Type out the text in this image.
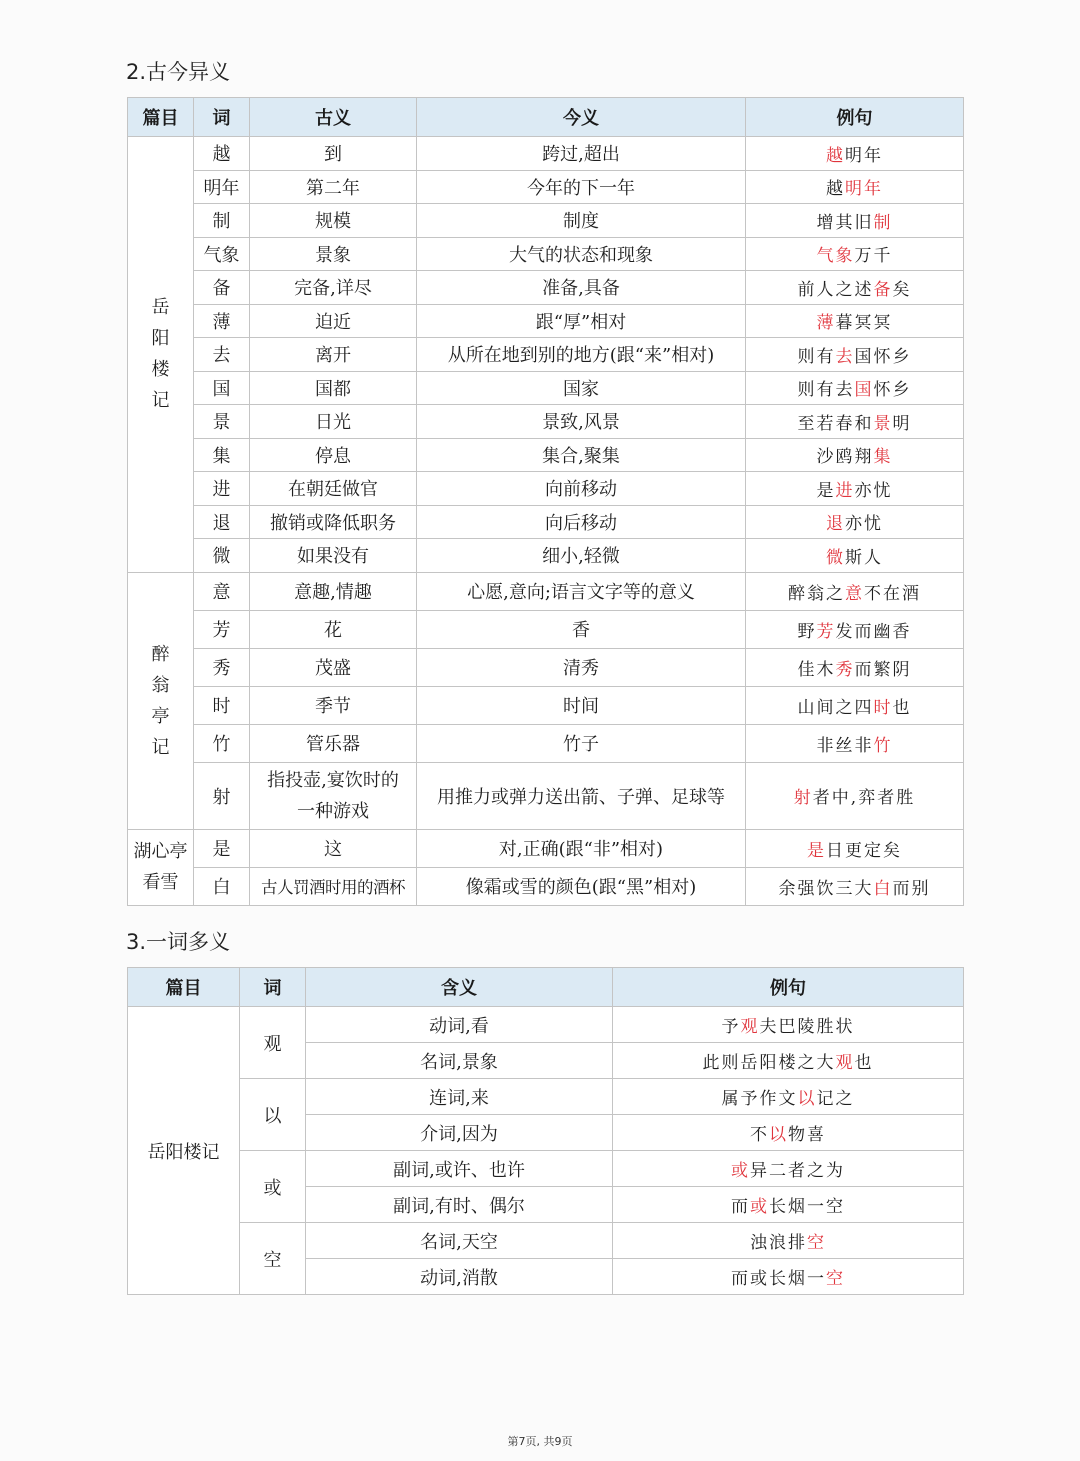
2.古今异义
篇目	词	古义	今义	例句
岳阳楼记	越	到	跨过,超出	越明年
	明年	第二年	今年的下一年	越明年
	制	规模	制度	增其旧制
	气象	景象	大气的状态和现象	气象万千
	备	完备,详尽	准备,具备	前人之述备矣
	薄	迫近	跟“厚”相对	薄暮冥冥
	去	离开	从所在地到别的地方(跟“来”相对)	则有去国怀乡
	国	国都	国家	则有去国怀乡
	景	日光	景致,风景	至若春和景明
	集	停息	集合,聚集	沙鸥翔集
	进	在朝廷做官	向前移动	是进亦忧
	退	撤销或降低职务	向后移动	退亦忧
	微	如果没有	细小,轻微	微斯人
醉翁亭记	意	意趣,情趣	心愿,意向;语言文字等的意义	醉翁之意不在酒
	芳	花	香	野芳发而幽香
	秀	茂盛	清秀	佳木秀而繁阴
	时	季节	时间	山间之四时也
	竹	管乐器	竹子	非丝非竹
	射	指投壶,宴饮时的一种游戏	用推力或弹力送出箭、子弹、足球等	射者中,弈者胜
湖心亭看雪	是	这	对,正确(跟“非”相对)	是日更定矣
	白	古人罚酒时用的酒杯	像霜或雪的颜色(跟“黑”相对)	余强饮三大白而别
3.一词多义
篇目	词	含义	例句
岳阳楼记	观	动词,看	予观夫巴陵胜状
		名词,景象	此则岳阳楼之大观也
	以	连词,来	属予作文以记之
		介词,因为	不以物喜
	或	副词,或许、也许	或异二者之为
		副词,有时、偶尔	而或长烟一空
	空	名词,天空	浊浪排空
		动词,消散	而或长烟一空
第7页, 共9页
